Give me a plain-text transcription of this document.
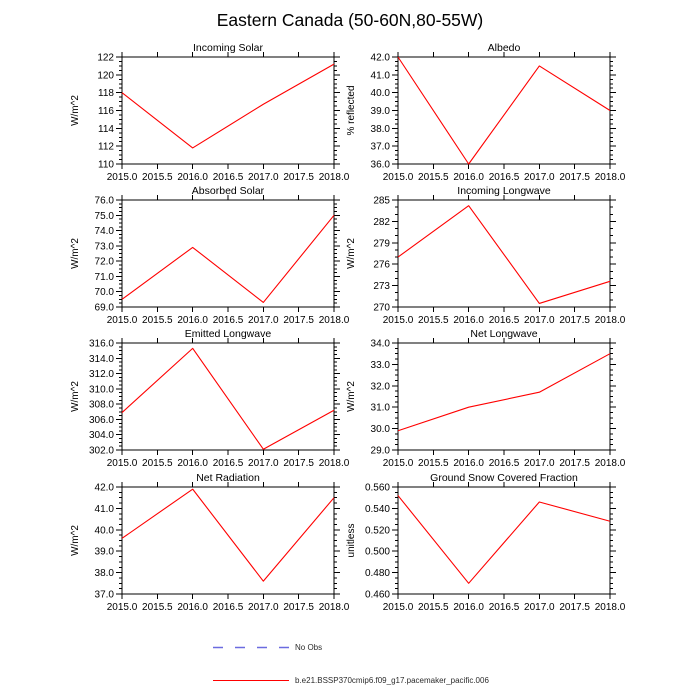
Eastern Canada (50-60N,80-55W)
2015.0 2015.5 2016.0 2016.5 2017.0 2017.5 2018.0
110
112
114
116
118
120
122
Incoming Solar
W/m^2
2015.0 2015.5 2016.0 2016.5 2017.0 2017.5 2018.0
36.0
37.0
38.0
39.0
40.0
41.0
42.0
Albedo
% reflected
2015.0 2015.5 2016.0 2016.5 2017.0 2017.5 2018.0
69.0
70.0
71.0
72.0
73.0
74.0
75.0
76.0
Absorbed Solar
W/m^2
2015.0 2015.5 2016.0 2016.5 2017.0 2017.5 2018.0
270
273
276
279
282
285
Incoming Longwave
W/m^2
2015.0 2015.5 2016.0 2016.5 2017.0 2017.5 2018.0
302.0
304.0
306.0
308.0
310.0
312.0
314.0
316.0
Emitted Longwave
W/m^2
2015.0 2015.5 2016.0 2016.5 2017.0 2017.5 2018.0
29.0
30.0
31.0
32.0
33.0
34.0
Net Longwave
W/m^2
2015.0 2015.5 2016.0 2016.5 2017.0 2017.5 2018.0
37.0
38.0
39.0
40.0
41.0
42.0
Net Radiation
W/m^2
2015.0 2015.5 2016.0 2016.5 2017.0 2017.5 2018.0
0.460
0.480
0.500
0.520
0.540
0.560
Ground Snow Covered Fraction
unitless
No Obs
b.e21.BSSP370cmip6.f09_g17.pacemaker_pacific.006
